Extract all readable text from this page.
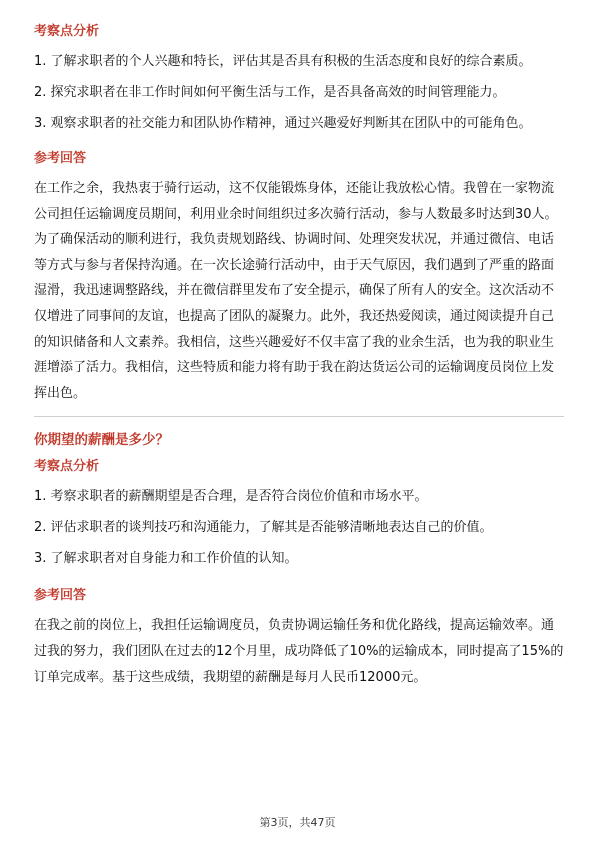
考察点分析
1. 了解求职者的个人兴趣和特长，评估其是否具有积极的生活态度和良好的综合素质。
2. 探究求职者在非工作时间如何平衡生活与工作，是否具备高效的时间管理能力。
3. 观察求职者的社交能力和团队协作精神，通过兴趣爱好判断其在团队中的可能角色。
参考回答
在工作之余，我热衷于骑行运动，这不仅能锻炼身体，还能让我放松心情。我曾在一家物流公司担任运输调度员期间，利用业余时间组织过多次骑行活动，参与人数最多时达到30人。为了确保活动的顺利进行，我负责规划路线、协调时间、处理突发状况，并通过微信、电话等方式与参与者保持沟通。在一次长途骑行活动中，由于天气原因，我们遇到了严重的路面湿滑，我迅速调整路线，并在微信群里发布了安全提示，确保了所有人的安全。这次活动不仅增进了同事间的友谊，也提高了团队的凝聚力。此外，我还热爱阅读，通过阅读提升自己的知识储备和人文素养。我相信，这些兴趣爱好不仅丰富了我的业余生活，也为我的职业生涯增添了活力。我相信，这些特质和能力将有助于我在韵达货运公司的运输调度员岗位上发挥出色。
你期望的薪酬是多少？
考察点分析
1. 考察求职者的薪酬期望是否合理，是否符合岗位价值和市场水平。
2. 评估求职者的谈判技巧和沟通能力，了解其是否能够清晰地表达自己的价值。
3. 了解求职者对自身能力和工作价值的认知。
参考回答
在我之前的岗位上，我担任运输调度员，负责协调运输任务和优化路线，提高运输效率。通过我的努力，我们团队在过去的12个月里，成功降低了10%的运输成本，同时提高了15%的订单完成率。基于这些成绩，我期望的薪酬是每月人民币12000元。
第3页，共47页
